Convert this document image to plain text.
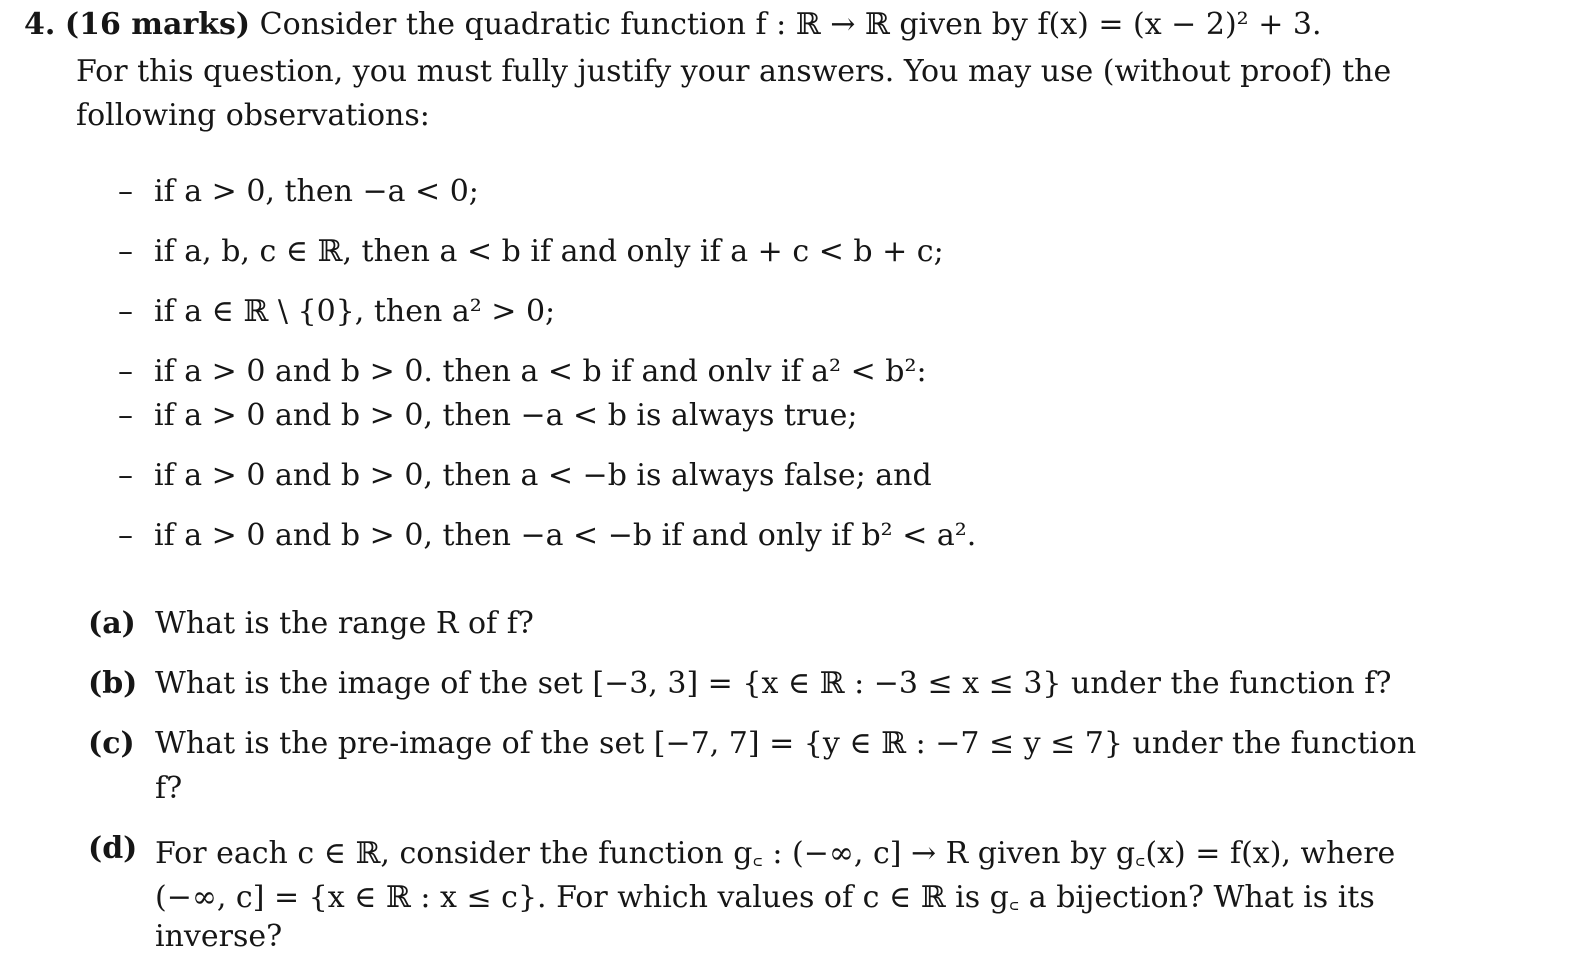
4. (16 marks) Consider the quadratic function f : ℝ → ℝ given by f(x) = (x − 2)² + 3.
For this question, you must fully justify your answers. You may use (without proof) the
following observations:
– if a > 0, then −a < 0;
– if a, b, c ∈ ℝ, then a < b if and only if a + c < b + c;
– if a ∈ ℝ \ {0}, then a² > 0;
– if a > 0 and b > 0. then a < b if and onlv if a² < b²:
– if a > 0 and b > 0, then −a < b is always true;
– if a > 0 and b > 0, then a < −b is always false; and
– if a > 0 and b > 0, then −a < −b if and only if b² < a².
(a) What is the range R of f?
(b) What is the image of the set [−3, 3] = {x ∈ ℝ : −3 ≤ x ≤ 3} under the function f?
(c) What is the pre-image of the set [−7, 7] = {y ∈ ℝ : −7 ≤ y ≤ 7} under the function
f?
(d) For each c ∈ ℝ, consider the function g꜀ : (−∞, c] → R given by g꜀(x) = f(x), where
(−∞, c] = {x ∈ ℝ : x ≤ c}. For which values of c ∈ ℝ is g꜀ a bijection? What is its
inverse?
